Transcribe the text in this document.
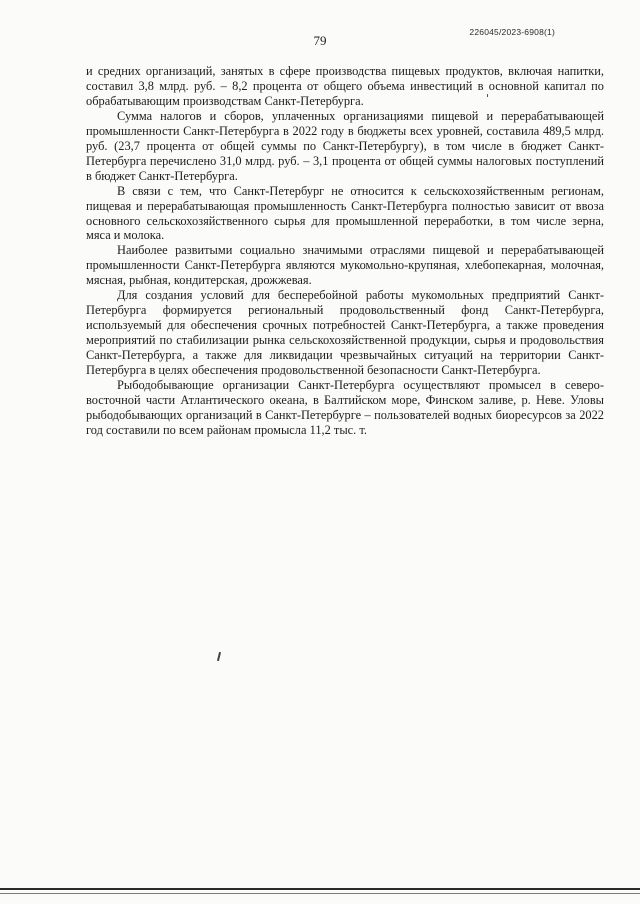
226045/2023-6908(1)
79

и средних организаций, занятых в сфере производства пищевых продуктов, включая напитки, составил 3,8 млрд. руб. – 8,2 процента от общего объема инвестиций в основной капитал по обрабатывающим производствам Санкт-Петербурга.

Сумма налогов и сборов, уплаченных организациями пищевой и перерабатывающей промышленности Санкт-Петербурга в 2022 году в бюджеты всех уровней, составила 489,5 млрд. руб. (23,7 процента от общей суммы по Санкт-Петербургу), в том числе в бюджет Санкт-Петербурга перечислено 31,0 млрд. руб. – 3,1 процента от общей суммы налоговых поступлений в бюджет Санкт-Петербурга.

В связи с тем, что Санкт-Петербург не относится к сельскохозяйственным регионам, пищевая и перерабатывающая промышленность Санкт-Петербурга полностью зависит от ввоза основного сельскохозяйственного сырья для промышленной переработки, в том числе зерна, мяса и молока.

Наиболее развитыми социально значимыми отраслями пищевой и перерабатывающей промышленности Санкт-Петербурга являются мукомольно-крупяная, хлебопекарная, молочная, мясная, рыбная, кондитерская, дрожжевая.

Для создания условий для бесперебойной работы мукомольных предприятий Санкт-Петербурга формируется региональный продовольственный фонд Санкт-Петербурга, используемый для обеспечения срочных потребностей Санкт-Петербурга, а также проведения мероприятий по стабилизации рынка сельскохозяйственной продукции, сырья и продовольствия Санкт-Петербурга, а также для ликвидации чрезвычайных ситуаций на территории Санкт-Петербурга в целях обеспечения продовольственной безопасности Санкт-Петербурга.

Рыбодобывающие организации Санкт-Петербурга осуществляют промысел в северо-восточной части Атлантического океана, в Балтийском море, Финском заливе, р. Неве. Уловы рыбодобывающих организаций в Санкт-Петербурге – пользователей водных биоресурсов за 2022 год составили по всем районам промысла 11,2 тыс. т.
